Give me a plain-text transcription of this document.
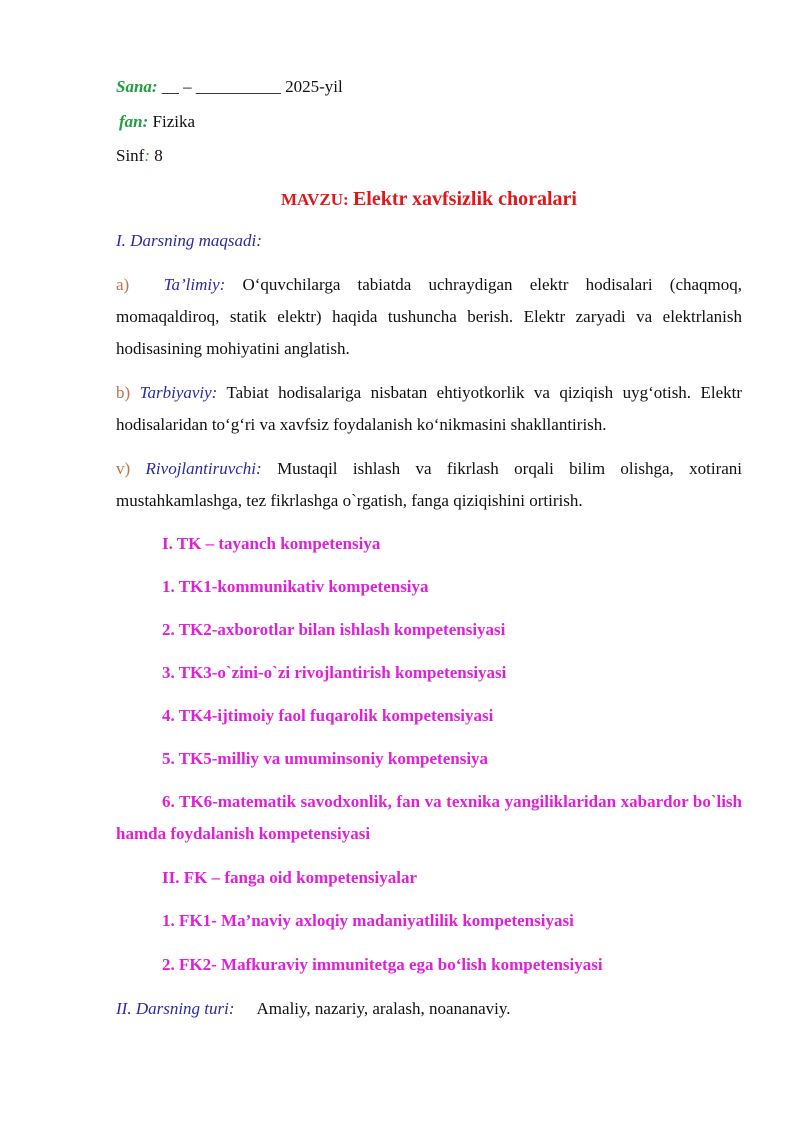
Sana: __ – __________ 2025-yil
fan: Fizika
Sinf: 8
MAVZU: Elektr xavfsizlik choralari
I. Darsning maqsadi:
a) Ta’limiy: O‘quvchilarga tabiatda uchraydigan elektr hodisalari (chaqmoq, momaqaldiroq, statik elektr) haqida tushuncha berish. Elektr zaryadi va elektrlanish hodisasining mohiyatini anglatish.
b) Tarbiyaviy: Tabiat hodisalariga nisbatan ehtiyotkorlik va qiziqish uyg‘otish. Elektr hodisalaridan to‘g‘ri va xavfsiz foydalanish ko‘nikmasini shakllantirish.
v) Rivojlantiruvchi: Mustaqil ishlash va fikrlash orqali bilim olishga, xotirani mustahkamlashga, tez fikrlashga o`rgatish, fanga qiziqishini ortirish.
I. TK – tayanch kompetensiya
1. TK1-kommunikativ kompetensiya
2. TK2-axborotlar bilan ishlash kompetensiyasi
3. TK3-o`zini-o`zi rivojlantirish kompetensiyasi
4. TK4-ijtimoiy faol fuqarolik kompetensiyasi
5. TK5-milliy va umuminsoniy kompetensiya
6. TK6-matematik savodxonlik, fan va texnika yangiliklaridan xabardor bo`lish hamda foydalanish kompetensiyasi
II. FK – fanga oid kompetensiyalar
1. FK1- Ma’naviy axloqiy madaniyatlilik kompetensiyasi
2. FK2- Mafkuraviy immunitetga ega bo‘lish kompetensiyasi
II. Darsning turi: Amaliy, nazariy, aralash, noananaviy.
